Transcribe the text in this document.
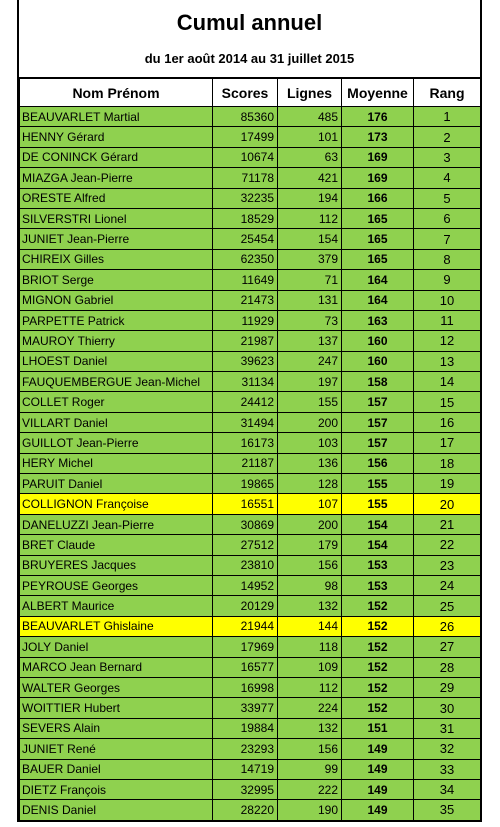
Cumul annuel
du 1er août 2014 au 31 juillet 2015
Nom Prénom	Scores	Lignes	Moyenne	Rang
BEAUVARLET Martial	85360	485	176	1
HENNY Gérard	17499	101	173	2
DE CONINCK Gérard	10674	63	169	3
MIAZGA Jean-Pierre	71178	421	169	4
ORESTE Alfred	32235	194	166	5
SILVERSTRI Lionel	18529	112	165	6
JUNIET Jean-Pierre	25454	154	165	7
CHIREIX Gilles	62350	379	165	8
BRIOT Serge	11649	71	164	9
MIGNON Gabriel	21473	131	164	10
PARPETTE Patrick	11929	73	163	11
MAUROY Thierry	21987	137	160	12
LHOEST Daniel	39623	247	160	13
FAUQUEMBERGUE Jean-Michel	31134	197	158	14
COLLET Roger	24412	155	157	15
VILLART Daniel	31494	200	157	16
GUILLOT Jean-Pierre	16173	103	157	17
HERY Michel	21187	136	156	18
PARUIT Daniel	19865	128	155	19
COLLIGNON Françoise	16551	107	155	20
DANELUZZI Jean-Pierre	30869	200	154	21
BRET Claude	27512	179	154	22
BRUYERES Jacques	23810	156	153	23
PEYROUSE Georges	14952	98	153	24
ALBERT Maurice	20129	132	152	25
BEAUVARLET Ghislaine	21944	144	152	26
JOLY Daniel	17969	118	152	27
MARCO Jean Bernard	16577	109	152	28
WALTER Georges	16998	112	152	29
WOITTIER Hubert	33977	224	152	30
SEVERS Alain	19884	132	151	31
JUNIET René	23293	156	149	32
BAUER Daniel	14719	99	149	33
DIETZ François	32995	222	149	34
DENIS Daniel	28220	190	149	35
